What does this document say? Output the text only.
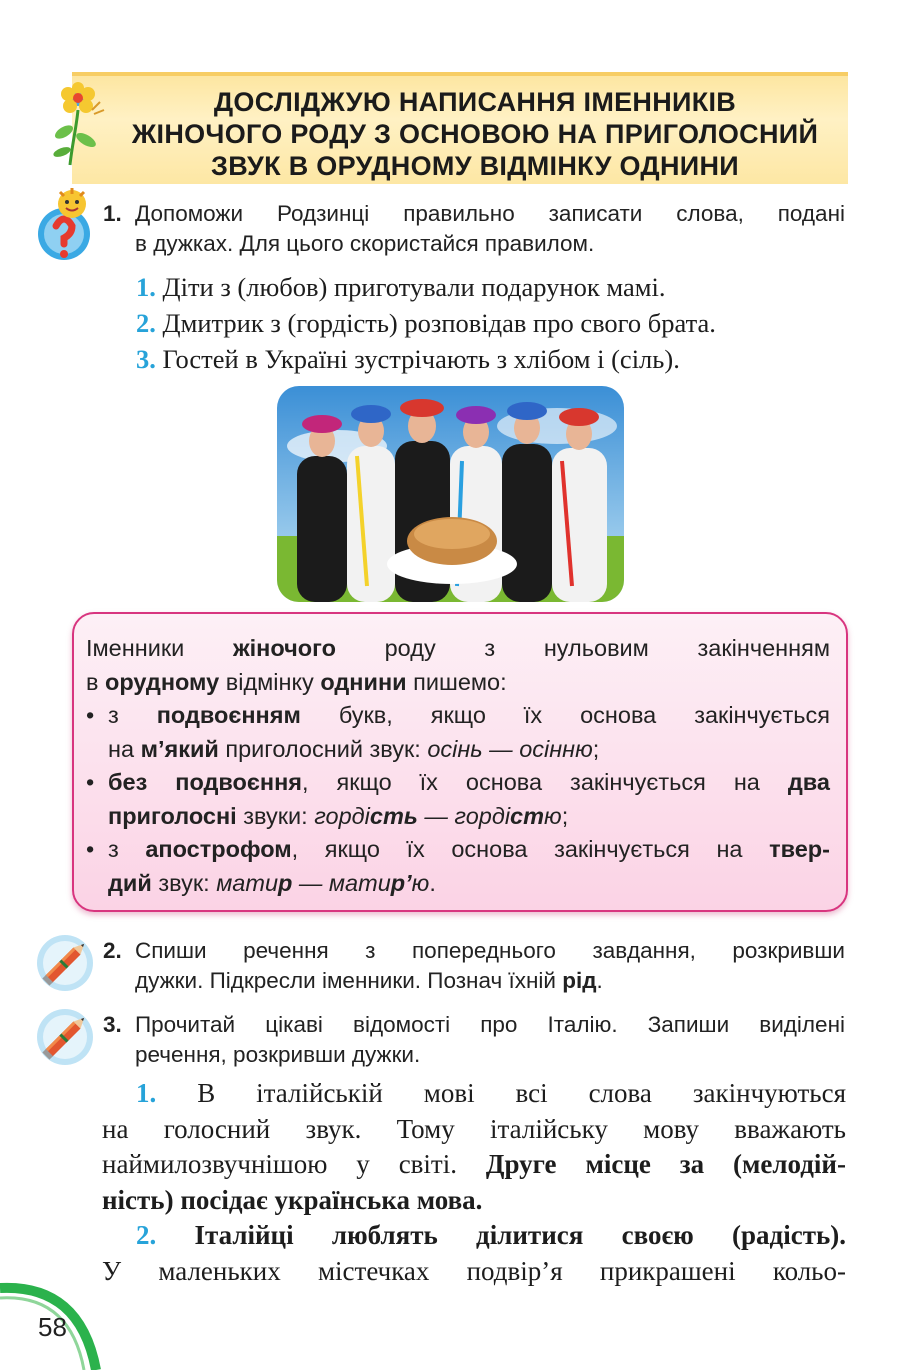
ДОСЛІДЖУЮ НАПИСАННЯ ІМЕННИКІВ
ЖІНОЧОГО РОДУ З ОСНОВОЮ НА ПРИГОЛОСНИЙ
ЗВУК В ОРУДНОМУ ВІДМІНКУ ОДНИНИ
1. Допоможи Родзинці правильно записати слова, подані
в дужках. Для цього скористайся правилом.
1. Діти з (любов) приготували подарунок мамі.
2. Дмитрик з (гордість) розповідав про свого брата.
3. Гостей в Україні зустрічають з хлібом і (сіль).
Іменники жіночого роду з нульовим закінченням
в орудному відмінку однини пишемо:
• з подвоєнням букв, якщо їх основа закінчується
на м’який приголосний звук: осінь — осінню;
• без подвоєння, якщо їх основа закінчується на два
приголосні звуки: гордість — гордістю;
• з апострофом, якщо їх основа закінчується на твер-
дий звук: матир — матир’ю.
2. Спиши речення з попереднього завдання, розкривши
дужки. Підкресли іменники. Познач їхній рід.
3. Прочитай цікаві відомості про Італію. Запиши виділені
речення, розкривши дужки.
1. В італійській мові всі слова закінчуються
на голосний звук. Тому італійську мову вважають
наймилозвучнішою у світі. Друге місце за (мелодій-
ність) посідає українська мова.
2. Італійці люблять ділитися своєю (радість).
У маленьких містечках подвір’я прикрашені кольо-
58
